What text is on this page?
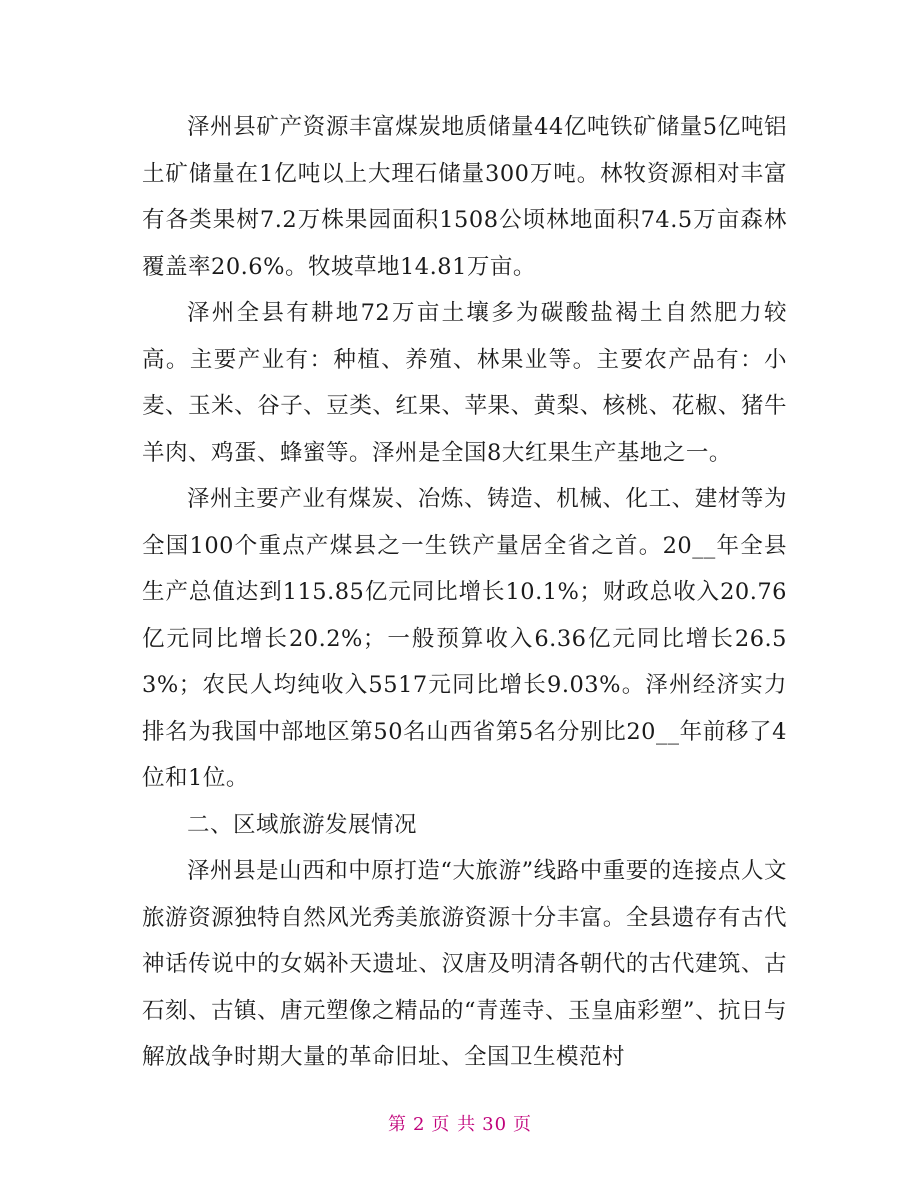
泽州县矿产资源丰富煤炭地质储量44亿吨铁矿储量5亿吨铝土矿储量在1亿吨以上大理石储量300万吨。林牧资源相对丰富有各类果树7.2万株果园面积1508公顷林地面积74.5万亩森林覆盖率20.6%。牧坡草地14.81万亩。

泽州全县有耕地72万亩土壤多为碳酸盐褐土自然肥力较高。主要产业有：种植、养殖、林果业等。主要农产品有：小麦、玉米、谷子、豆类、红果、苹果、黄梨、核桃、花椒、猪牛羊肉、鸡蛋、蜂蜜等。泽州是全国8大红果生产基地之一。

泽州主要产业有煤炭、冶炼、铸造、机械、化工、建材等为全国100个重点产煤县之一生铁产量居全省之首。20__年全县生产总值达到115.85亿元同比增长10.1%；财政总收入20.76亿元同比增长20.2%；一般预算收入6.36亿元同比增长26.53%；农民人均纯收入5517元同比增长9.03%。泽州经济实力排名为我国中部地区第50名山西省第5名分别比20__年前移了4位和1位。

二、区域旅游发展情况

泽州县是山西和中原打造“大旅游”线路中重要的连接点人文旅游资源独特自然风光秀美旅游资源十分丰富。全县遗存有古代神话传说中的女娲补天遗址、汉唐及明清各朝代的古代建筑、古石刻、古镇、唐元塑像之精品的“青莲寺、玉皇庙彩塑”、抗日与解放战争时期大量的革命旧址、全国卫生模范村

第 2 页 共 30 页
